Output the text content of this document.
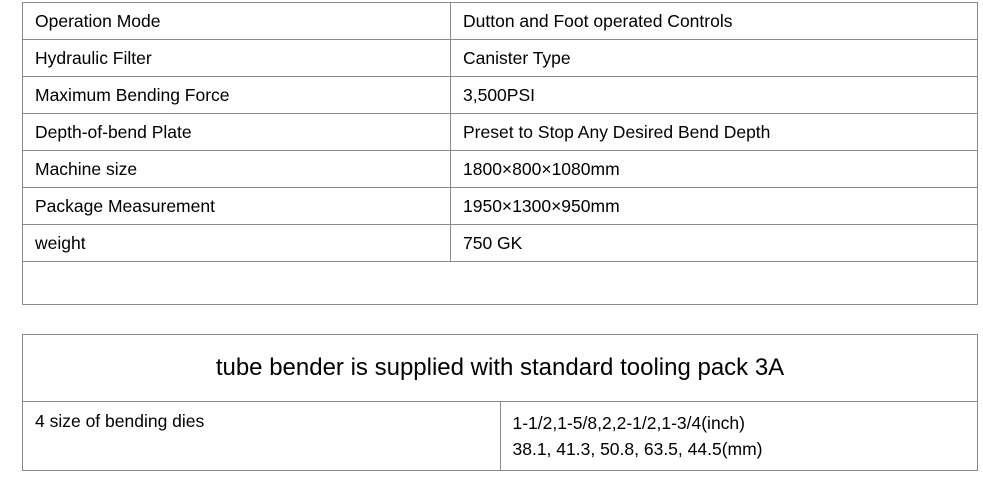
Operation Mode	Dutton and Foot operated Controls
Hydraulic Filter	Canister Type
Maximum Bending Force	3,500PSI
Depth-of-bend Plate	Preset to Stop Any Desired Bend Depth
Machine size	1800×800×1080mm
Package Measurement	1950×1300×950mm
weight	750 GK

tube bender is supplied with standard tooling pack 3A
4 size of bending dies	1-1/2,1-5/8,2,2-1/2,1-3/4(inch)
38.1, 41.3, 50.8, 63.5, 44.5(mm)
